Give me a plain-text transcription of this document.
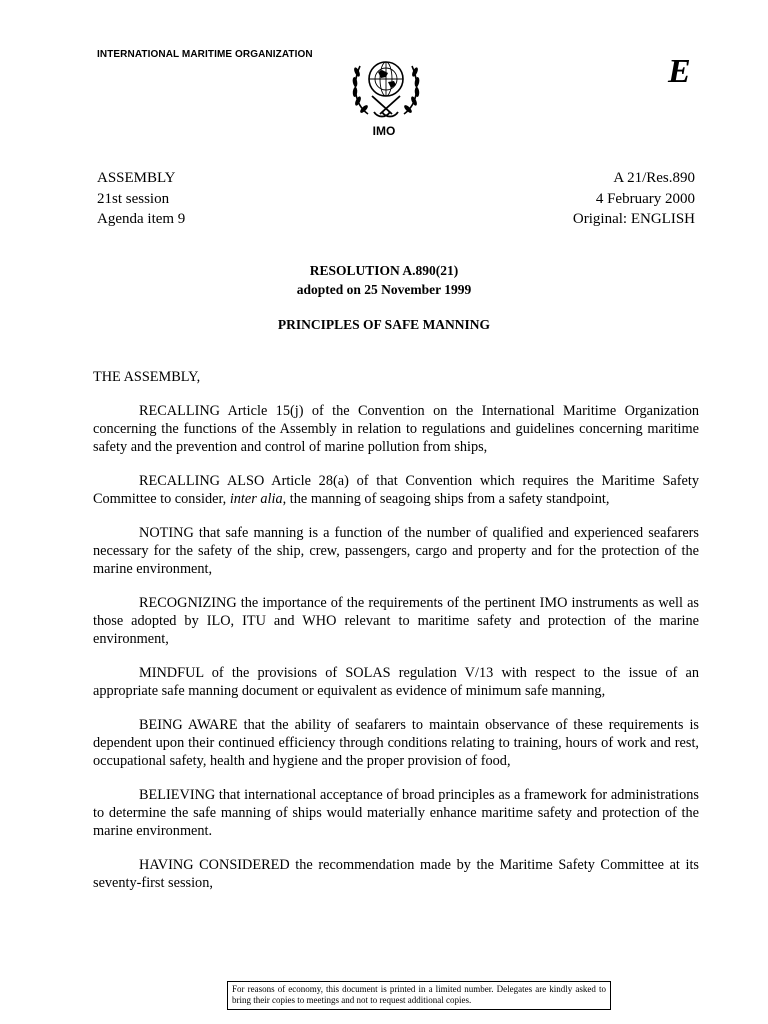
INTERNATIONAL MARITIME ORGANIZATION
IMO
E
ASSEMBLY
21st session
Agenda item 9
A 21/Res.890
4 February 2000
Original: ENGLISH
RESOLUTION A.890(21)
adopted on 25 November 1999
PRINCIPLES OF SAFE MANNING

THE ASSEMBLY,

RECALLING Article 15(j) of the Convention on the International Maritime Organization concerning the functions of the Assembly in relation to regulations and guidelines concerning maritime safety and the prevention and control of marine pollution from ships,

RECALLING ALSO Article 28(a) of that Convention which requires the Maritime Safety Committee to consider, inter alia, the manning of seagoing ships from a safety standpoint,

NOTING that safe manning is a function of the number of qualified and experienced seafarers necessary for the safety of the ship, crew, passengers, cargo and property and for the protection of the marine environment,

RECOGNIZING the importance of the requirements of the pertinent IMO instruments as well as those adopted by ILO, ITU and WHO relevant to maritime safety and protection of the marine environment,

MINDFUL of the provisions of SOLAS regulation V/13 with respect to the issue of an appropriate safe manning document or equivalent as evidence of minimum safe manning,

BEING AWARE that the ability of seafarers to maintain observance of these requirements is dependent upon their continued efficiency through conditions relating to training, hours of work and rest, occupational safety, health and hygiene and the proper provision of food,

BELIEVING that international acceptance of broad principles as a framework for administrations to determine the safe manning of ships would materially enhance maritime safety and protection of the marine environment.

HAVING CONSIDERED the recommendation made by the Maritime Safety Committee at its seventy-first session,

For reasons of economy, this document is printed in a limited number. Delegates are kindly asked to bring their copies to meetings and not to request additional copies.
